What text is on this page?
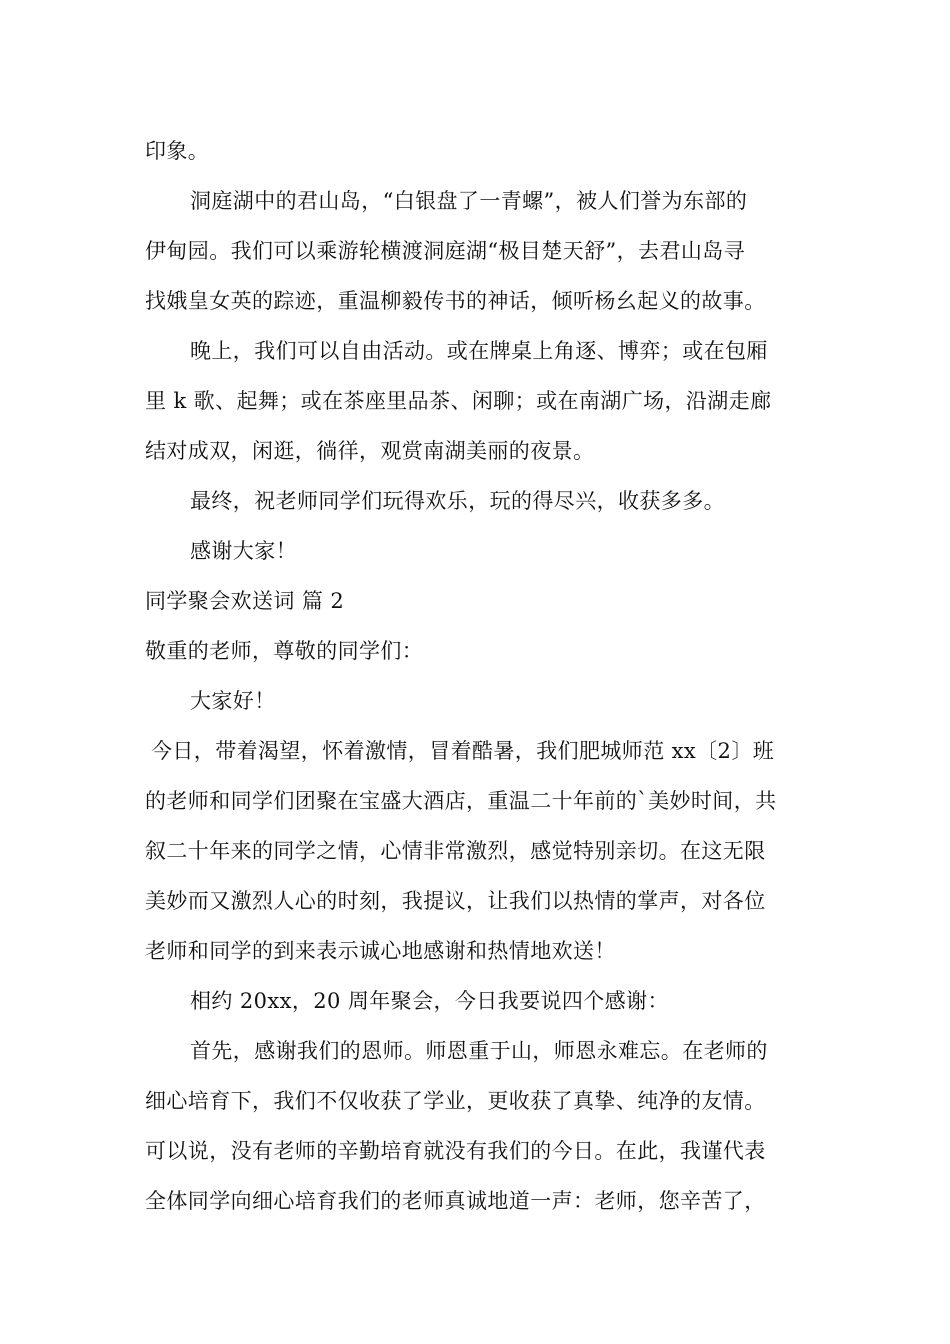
印象。
洞庭湖中的君山岛，“白银盘了一青螺”，被人们誉为东部的
伊甸园。我们可以乘游轮横渡洞庭湖“极目楚天舒”，去君山岛寻
找娥皇女英的踪迹，重温柳毅传书的神话，倾听杨幺起义的故事。
晚上，我们可以自由活动。或在牌桌上角逐、博弈；或在包厢
里 k 歌、起舞；或在茶座里品茶、闲聊；或在南湖广场，沿湖走廊
结对成双，闲逛，徜徉，观赏南湖美丽的夜景。
最终，祝老师同学们玩得欢乐，玩的得尽兴，收获多多。
感谢大家！
同学聚会欢送词 篇 2
敬重的老师，尊敬的同学们：
大家好！
今日，带着渴望，怀着激情，冒着酷暑，我们肥城师范 xx〔2〕班
的老师和同学们团聚在宝盛大酒店，重温二十年前的`美妙时间，共
叙二十年来的同学之情，心情非常激烈，感觉特别亲切。在这无限
美妙而又激烈人心的时刻，我提议，让我们以热情的掌声，对各位
老师和同学的到来表示诚心地感谢和热情地欢送！
相约 20xx，20 周年聚会，今日我要说四个感谢：
首先，感谢我们的恩师。师恩重于山，师恩永难忘。在老师的
细心培育下，我们不仅收获了学业，更收获了真挚、纯净的友情。
可以说，没有老师的辛勤培育就没有我们的今日。在此，我谨代表
全体同学向细心培育我们的老师真诚地道一声：老师，您辛苦了，
